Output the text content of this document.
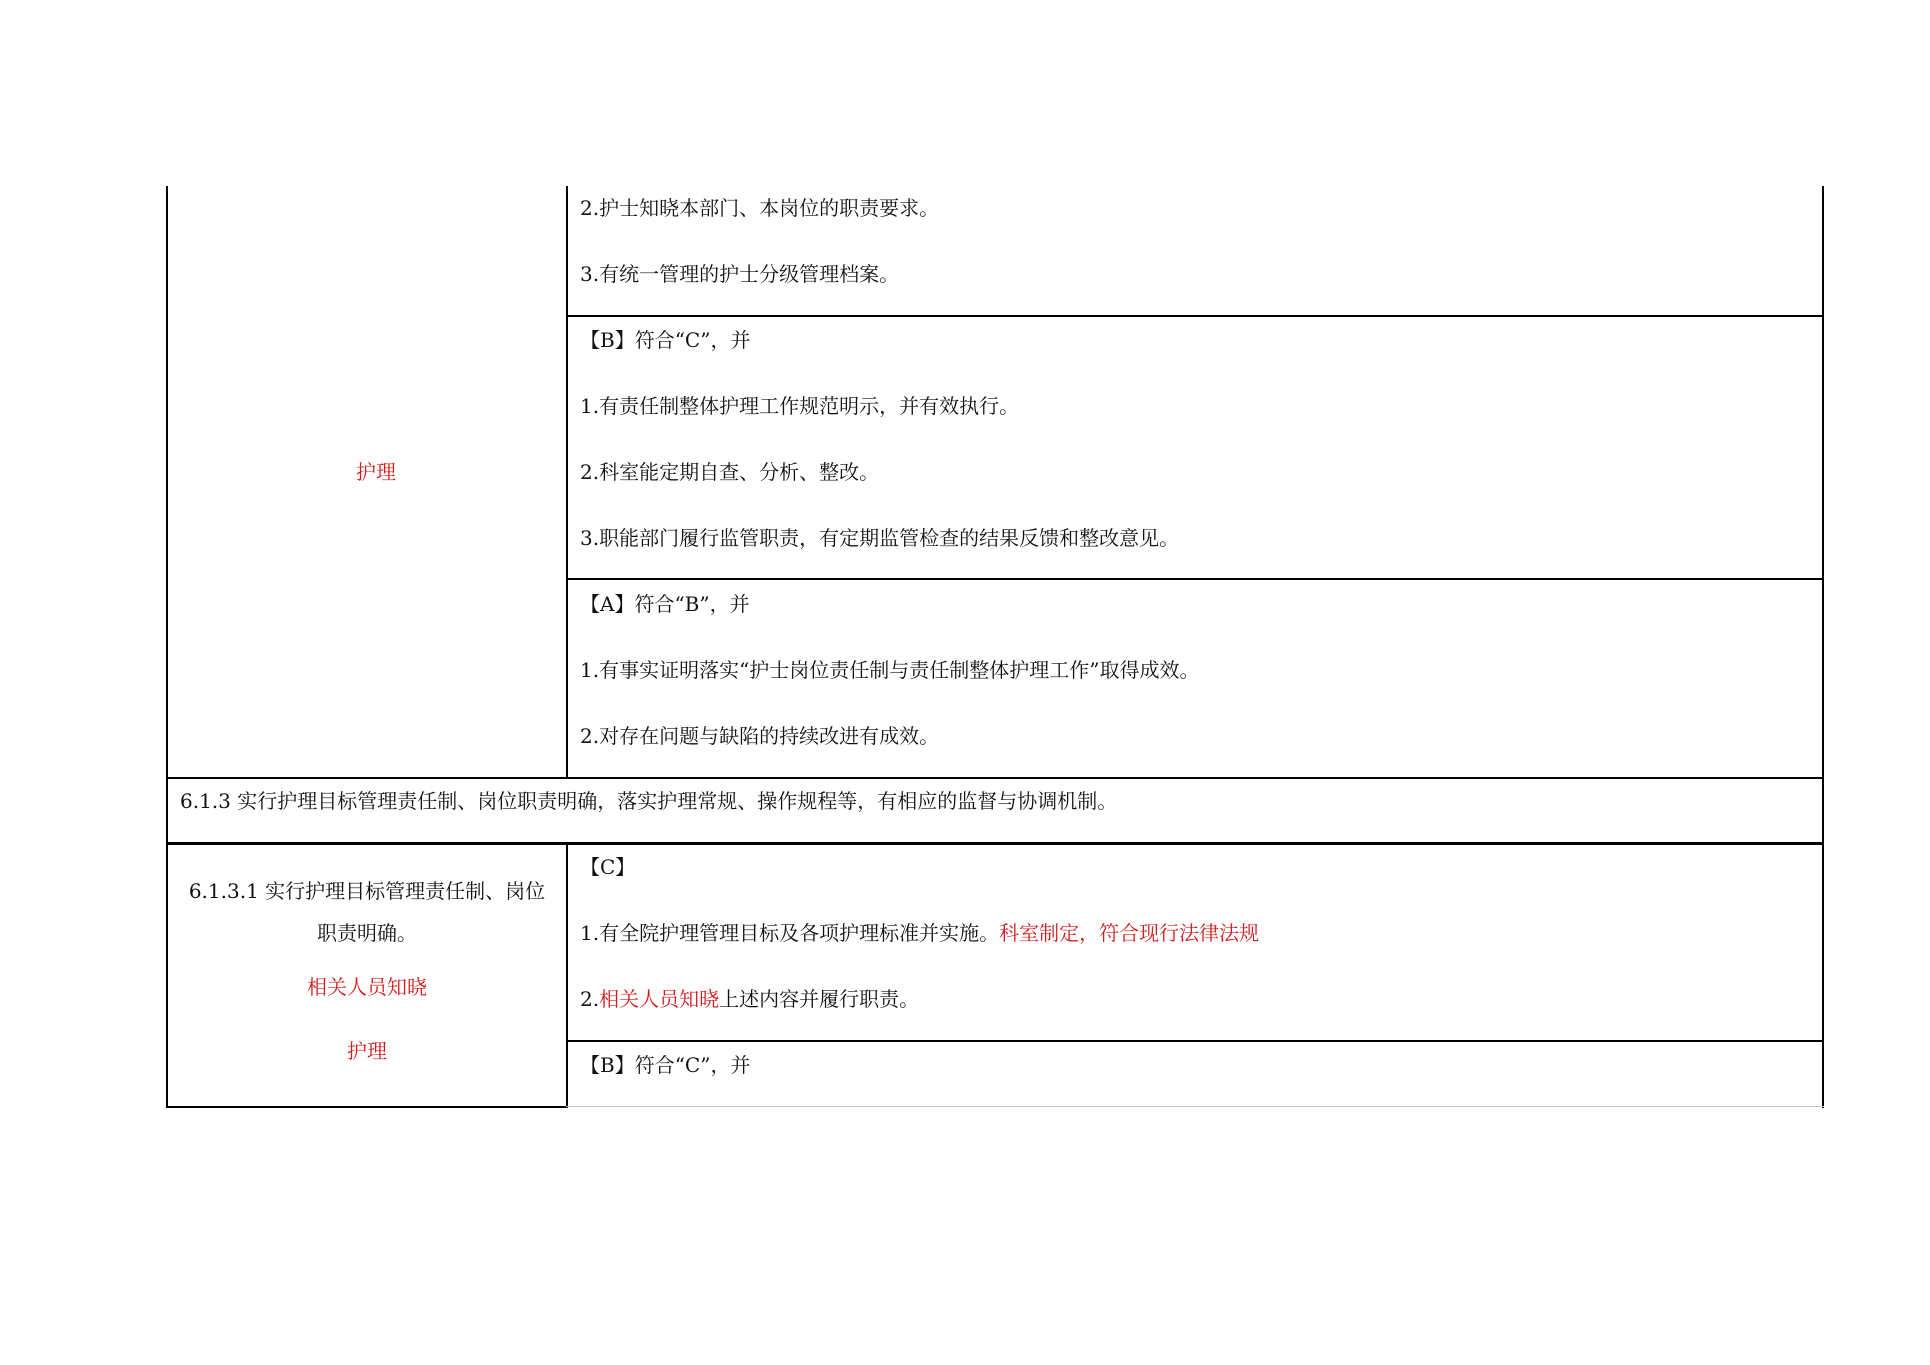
护理
2.护士知晓本部门、本岗位的职责要求。
3.有统一管理的护士分级管理档案。
【B】符合“C”，并
1.有责任制整体护理工作规范明示，并有效执行。
2.科室能定期自查、分析、整改。
3.职能部门履行监管职责，有定期监管检查的结果反馈和整改意见。
【A】符合“B”，并
1.有事实证明落实“护士岗位责任制与责任制整体护理工作”取得成效。
2.对存在问题与缺陷的持续改进有成效。
6.1.3 实行护理目标管理责任制、岗位职责明确，落实护理常规、操作规程等，有相应的监督与协调机制。
6.1.3.1 实行护理目标管理责任制、岗位
职责明确。
相关人员知晓
护理
【C】
1.有全院护理管理目标及各项护理标准并实施。科室制定，符合现行法律法规
2.相关人员知晓上述内容并履行职责。
【B】符合“C”，并
